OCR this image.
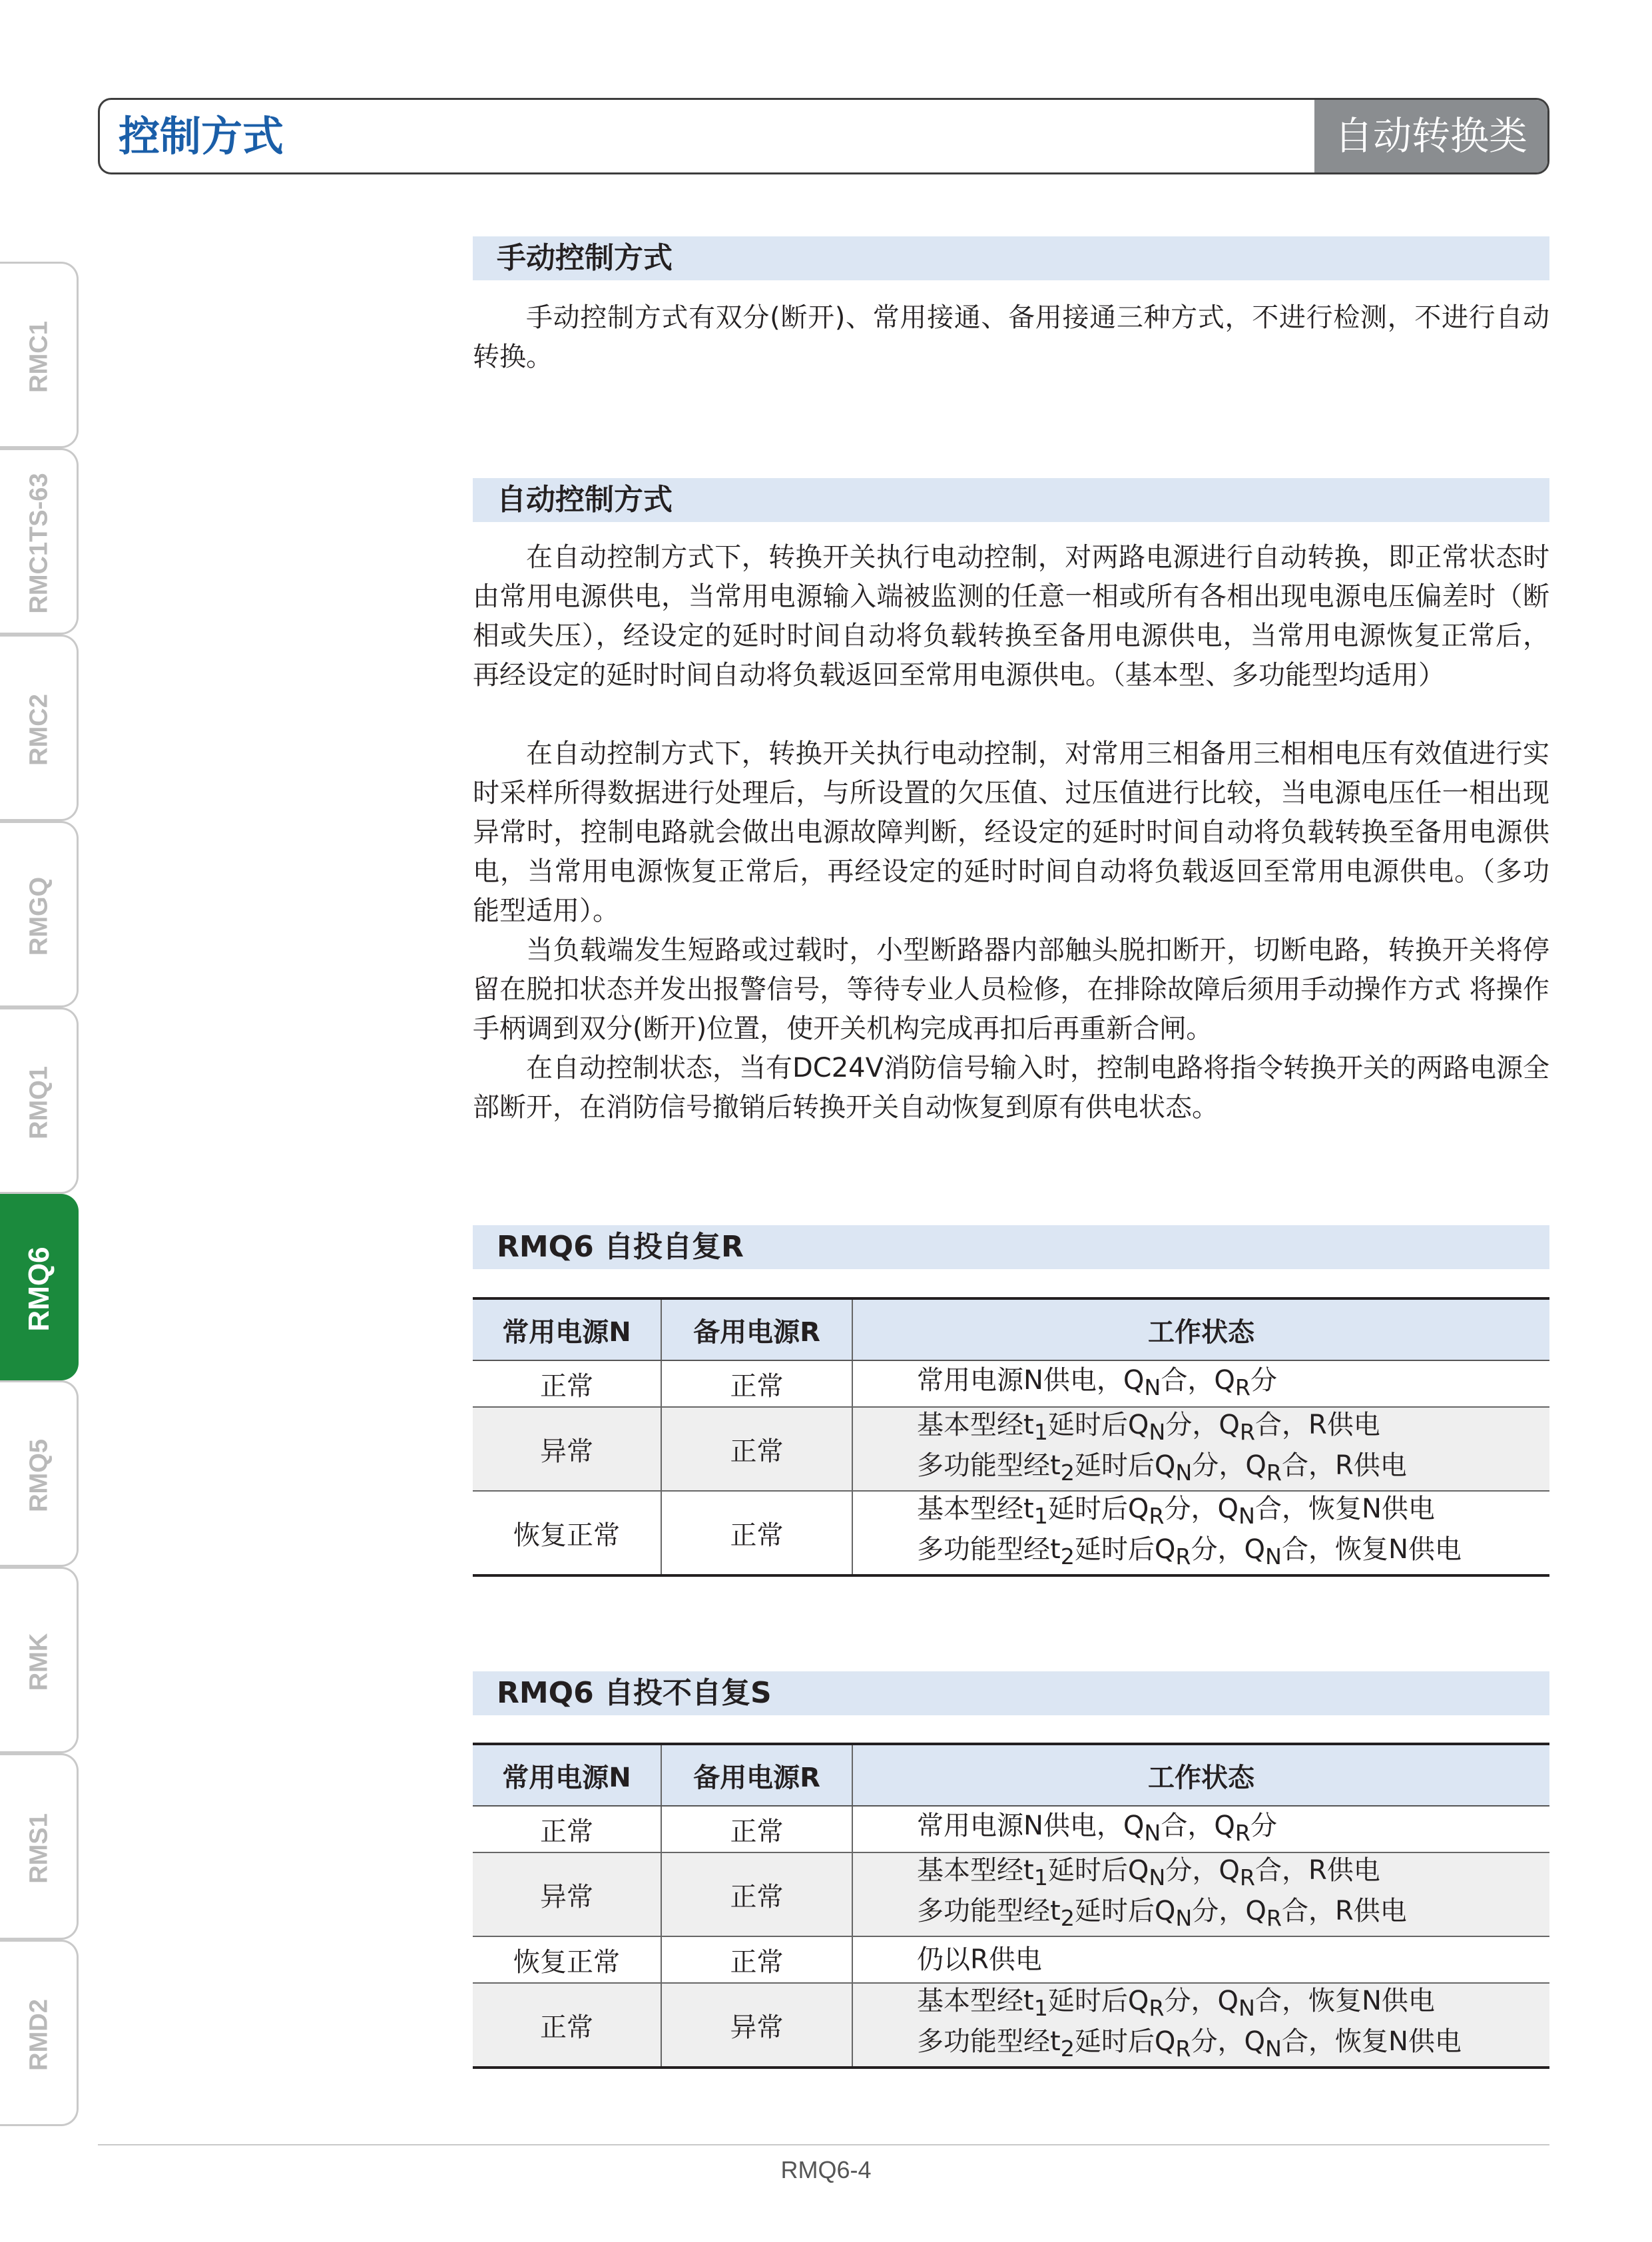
控制方式	自动转换类
RMC1
RMC1TS-63
RMC2
RMGQ
RMQ1
RMQ6
RMQ5
RMK
RMS1
RMD2
手动控制方式

手动控制方式有双分(断开)、常用接通、备用接通三种方式，不进行检测，不进行自动转换。

自动控制方式

在自动控制方式下，转换开关执行电动控制，对两路电源进行自动转换，即正常状态时由常用电源供电，当常用电源输入端被监测的任意一相或所有各相出现电源电压偏差时（断相或失压），经设定的延时时间自动将负载转换至备用电源供电，当常用电源恢复正常后，再经设定的延时时间自动将负载返回至常用电源供电。（基本型、多功能型均适用）

在自动控制方式下，转换开关执行电动控制，对常用三相备用三相相电压有效值进行实时采样所得数据进行处理后，与所设置的欠压值、过压值进行比较，当电源电压任一相出现异常时，控制电路就会做出电源故障判断，经设定的延时时间自动将负载转换至备用电源供电，当常用电源恢复正常后，再经设定的延时时间自动将负载返回至常用电源供电。（多功能型适用）。

当负载端发生短路或过载时，小型断路器内部触头脱扣断开，切断电路，转换开关将停留在脱扣状态并发出报警信号，等待专业人员检修，在排除故障后须用手动操作方式 将操作手柄调到双分(断开)位置，使开关机构完成再扣后再重新合闸。

在自动控制状态，当有DC24V消防信号输入时，控制电路将指令转换开关的两路电源全部断开，在消防信号撤销后转换开关自动恢复到原有供电状态。

RMQ6 自投自复R
常用电源N	备用电源R	工作状态
正常	正常	常用电源N供电，$Q_N$合，$Q_R$分

异常	正常	基本型经$t_1$延时后$Q_N$分，$Q_R$合，R供电
多功能型经$t_2$延时后$Q_N$分，$Q_R$合，R供电

恢复正常	正常	基本型经$t_1$延时后$Q_R$分，$Q_N$合，恢复N供电
多功能型经$t_2$延时后$Q_R$分，$Q_N$合，恢复N供电
RMQ6 自投不自复S
常用电源N	备用电源R	工作状态
正常	正常	常用电源N供电，$Q_N$合，$Q_R$分

异常	正常	基本型经$t_1$延时后$Q_N$分，$Q_R$合，R供电
多功能型经$t_2$延时后$Q_N$分，$Q_R$合，R供电

恢复正常	正常	仍以R供电

正常	异常	基本型经$t_1$延时后$Q_R$分，$Q_N$合，恢复N供电
多功能型经$t_2$延时后$Q_R$分，$Q_N$合，恢复N供电
RMQ6-4
